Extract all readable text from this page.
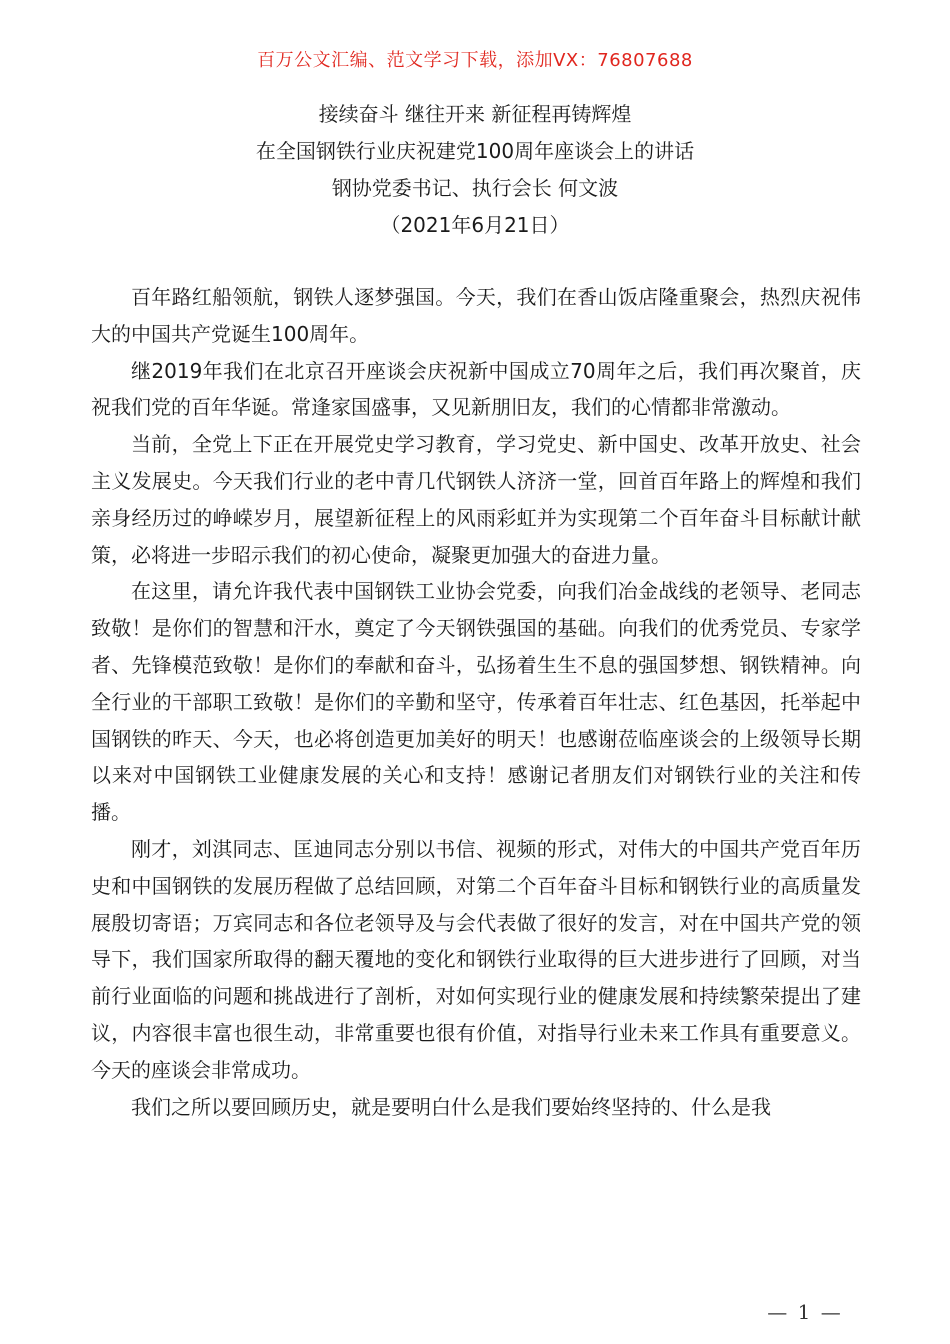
百万公文汇编、范文学习下载，添加VX：76807688
接续奋斗 继往开来 新征程再铸辉煌
在全国钢铁行业庆祝建党100周年座谈会上的讲话
钢协党委书记、执行会长 何文波
（2021年6月21日）

百年路红船领航，钢铁人逐梦强国。今天，我们在香山饭店隆重聚会，热烈庆祝伟大的中国共产党诞生100周年。

继2019年我们在北京召开座谈会庆祝新中国成立70周年之后，我们再次聚首，庆祝我们党的百年华诞。常逢家国盛事，又见新朋旧友，我们的心情都非常激动。

当前，全党上下正在开展党史学习教育，学习党史、新中国史、改革开放史、社会主义发展史。今天我们行业的老中青几代钢铁人济济一堂，回首百年路上的辉煌和我们亲身经历过的峥嵘岁月，展望新征程上的风雨彩虹并为实现第二个百年奋斗目标献计献策，必将进一步昭示我们的初心使命，凝聚更加强大的奋进力量。

在这里，请允许我代表中国钢铁工业协会党委，向我们冶金战线的老领导、老同志致敬！是你们的智慧和汗水，奠定了今天钢铁强国的基础。向我们的优秀党员、专家学者、先锋模范致敬！是你们的奉献和奋斗，弘扬着生生不息的强国梦想、钢铁精神。向全行业的干部职工致敬！是你们的辛勤和坚守，传承着百年壮志、红色基因，托举起中国钢铁的昨天、今天，也必将创造更加美好的明天！也感谢莅临座谈会的上级领导长期以来对中国钢铁工业健康发展的关心和支持！感谢记者朋友们对钢铁行业的关注和传播。

刚才，刘淇同志、匡迪同志分别以书信、视频的形式，对伟大的中国共产党百年历史和中国钢铁的发展历程做了总结回顾，对第二个百年奋斗目标和钢铁行业的高质量发展殷切寄语；万宾同志和各位老领导及与会代表做了很好的发言，对在中国共产党的领导下，我们国家所取得的翻天覆地的变化和钢铁行业取得的巨大进步进行了回顾，对当前行业面临的问题和挑战进行了剖析，对如何实现行业的健康发展和持续繁荣提出了建议，内容很丰富也很生动，非常重要也很有价值，对指导行业未来工作具有重要意义。今天的座谈会非常成功。

我们之所以要回顾历史，就是要明白什么是我们要始终坚持的、什么是我

— 1 —
